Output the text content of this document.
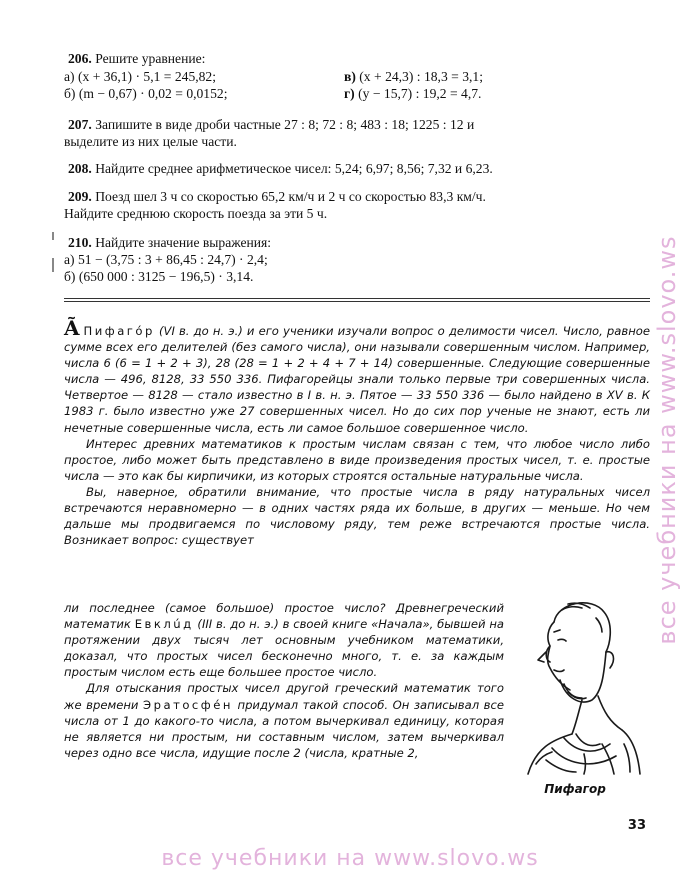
206. Решите уравнение:
а) (x + 36,1) · 5,1 = 245,82;	в) (x + 24,3) : 18,3 = 3,1;
б) (m − 0,67) · 0,02 = 0,0152;	г) (y − 15,7) : 19,2 = 4,7.
207. Запишите в виде дроби частные 27 : 8; 72 : 8; 483 : 18; 1225 : 12 и
выделите из них целые части.
208. Найдите среднее арифметическое чисел: 5,24; 6,97; 8,56; 7,32 и 6,23.
209. Поезд шел 3 ч со скоростью 65,2 км/ч и 2 ч со скоростью 83,3 км/ч.
Найдите среднюю скорость поезда за эти 5 ч.
210. Найдите значение выражения:
а) 51 − (3,75 : 3 + 86,45 : 24,7) · 2,4;
б) (650 000 : 3125 − 196,5) · 3,14.

Ã Пифагóр (VI в. до н. э.) и его ученики изучали вопрос о делимости чисел. Число, равное сумме всех его делителей (без самого числа), они называли совершенным числом. Например, числа 6 (6 = 1 + 2 + 3), 28 (28 = 1 + 2 + 4 + 7 + 14) совершенные. Следующие совершенные числа — 496, 8128, 33 550 336. Пифагорейцы знали только первые три совершенных числа. Четвертое — 8128 — стало известно в I в. н. э. Пятое — 33 550 336 — было найдено в XV в. К 1983 г. было известно уже 27 совершенных чисел. Но до сих пор ученые не знают, есть ли нечетные совершенные числа, есть ли самое большое совершенное число.

Интерес древних математиков к простым числам связан с тем, что любое число либо простое, либо может быть представлено в виде произведения простых чисел, т. е. простые числа — это как бы кирпичики, из которых строятся остальные натуральные числа.

Вы, наверное, обратили внимание, что простые числа в ряду натуральных чисел встречаются неравномерно — в одних частях ряда их больше, в других — меньше. Но чем дальше мы продвигаемся по числовому ряду, тем реже встречаются простые числа. Возникает вопрос: существует

ли последнее (самое большое) простое число? Древнегреческий математик Евклúд (III в. до н. э.) в своей книге «Начала», бывшей на протяжении двух тысяч лет основным учебником математики, доказал, что простых чисел бесконечно много, т. е. за каждым простым числом есть еще большее простое число.

Для отыскания простых чисел другой греческий математик того же времени Эратосфéн придумал такой способ. Он записывал все числа от 1 до какого-то числа, а потом вычеркивал единицу, которая не является ни простым, ни составным числом, затем вычеркивал через одно все числа, идущие после 2 (числа, кратные 2,

Пифагор
33
все учебники на www.slovo.ws
все учебники на www.slovo.ws
